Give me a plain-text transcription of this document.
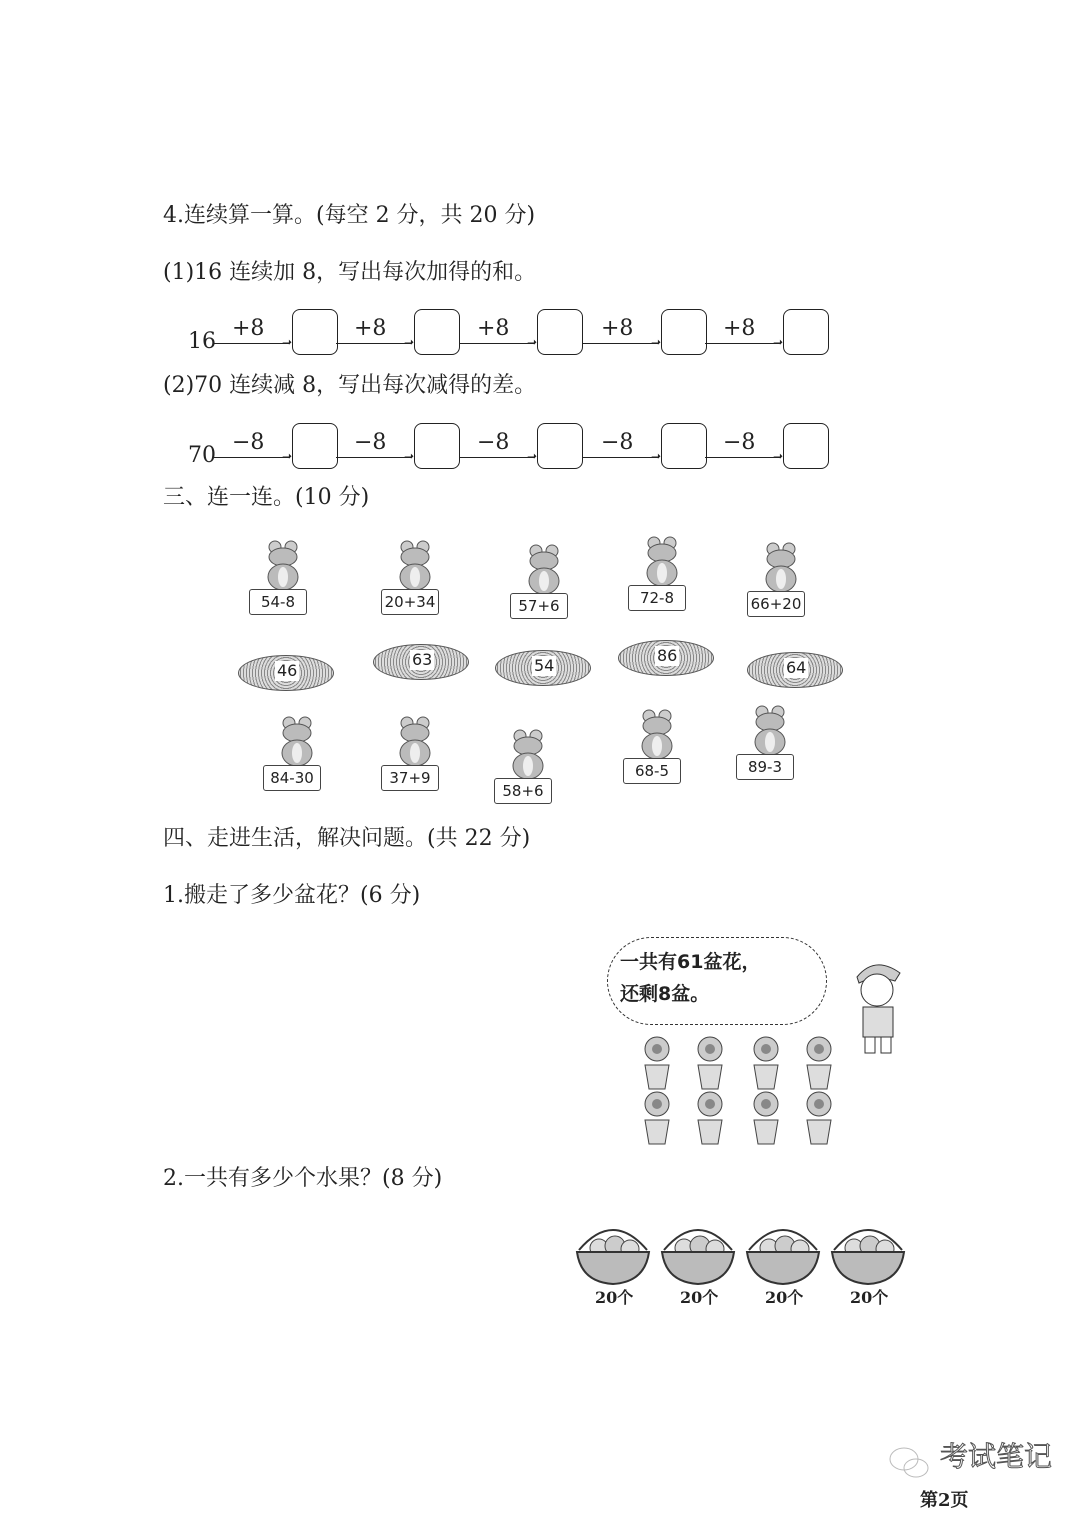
4.连续算一算。(每空 2 分，共 20 分)
(1)16 连续加 8，写出每次加得的和。
16	➝
+8
➝
+8
➝
+8
➝
+8
➝
+8
(2)70 连续减 8，写出每次减得的差。
70	➝
−8
➝
−8
➝
−8
➝
−8
➝
−8
三、连一连。(10 分)
54-8	20+34	57+6	72-8	66+20
46
63	54
86
64
84-30	37+9
58+6
68-5	89-3
四、走进生活，解决问题。(共 22 分)
1.搬走了多少盆花？(6 分)
一共有61盆花，
还剩8盆。
2.一共有多少个水果？(8 分)
20个	20个	20个	20个
考试笔记
第2页
